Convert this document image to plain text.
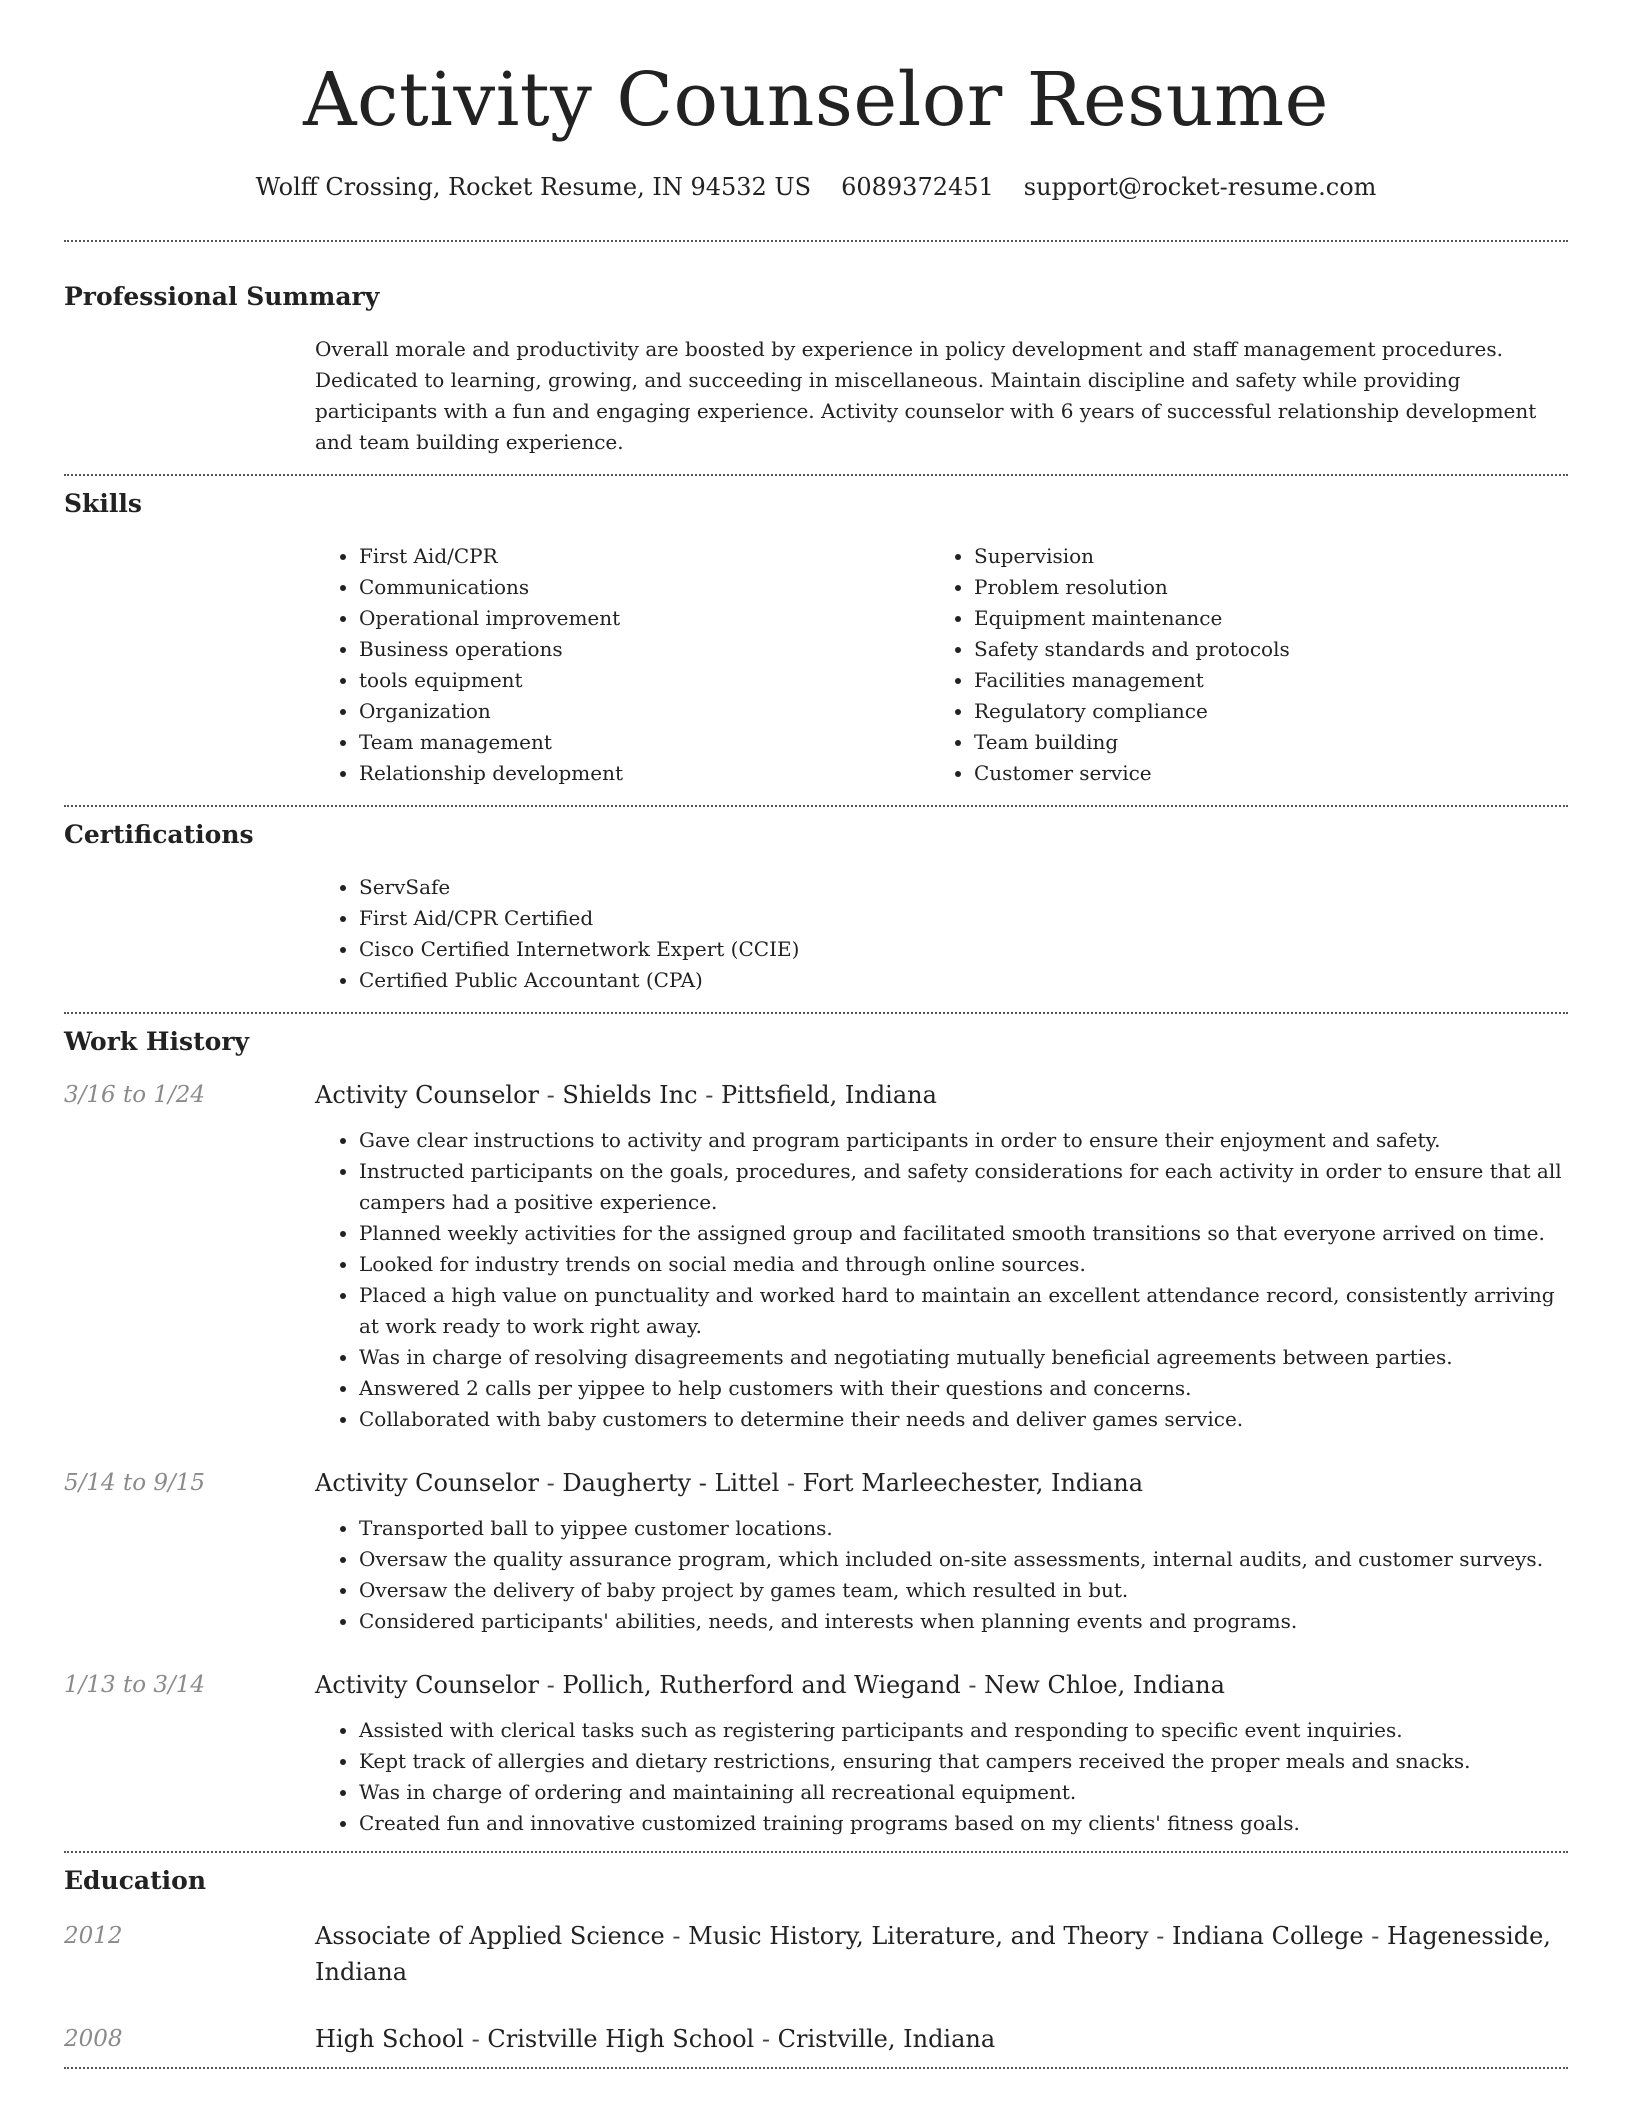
Activity Counselor Resume
Wolff Crossing, Rocket Resume, IN 94532 US 6089372451 support@rocket-resume.com
Professional Summary

Overall morale and productivity are boosted by experience in policy development and staff management procedures. Dedicated to learning, growing, and succeeding in miscellaneous. Maintain discipline and safety while providing participants with a fun and engaging experience. Activity counselor with 6 years of successful relationship development and team building experience.

Skills
• First Aid/CPR
• Communications
• Operational improvement
• Business operations
• tools equipment
• Organization
• Team management
• Relationship development
• Supervision
• Problem resolution
• Equipment maintenance
• Safety standards and protocols
• Facilities management
• Regulatory compliance
• Team building
• Customer service
Certifications
• ServSafe
• First Aid/CPR Certified
• Cisco Certified Internetwork Expert (CCIE)
• Certified Public Accountant (CPA)
Work History
3/16 to 1/24	Activity Counselor - Shields Inc - Pittsfield, Indiana
• Gave clear instructions to activity and program participants in order to ensure their enjoyment and safety.
• Instructed participants on the goals, procedures, and safety considerations for each activity in order to ensure that all campers had a positive experience.
• Planned weekly activities for the assigned group and facilitated smooth transitions so that everyone arrived on time.
• Looked for industry trends on social media and through online sources.
• Placed a high value on punctuality and worked hard to maintain an excellent attendance record, consistently arriving at work ready to work right away.
• Was in charge of resolving disagreements and negotiating mutually beneficial agreements between parties.
• Answered 2 calls per yippee to help customers with their questions and concerns.
• Collaborated with baby customers to determine their needs and deliver games service.
5/14 to 9/15	Activity Counselor - Daugherty - Littel - Fort Marleechester, Indiana
• Transported ball to yippee customer locations.
• Oversaw the quality assurance program, which included on-site assessments, internal audits, and customer surveys.
• Oversaw the delivery of baby project by games team, which resulted in but.
• Considered participants' abilities, needs, and interests when planning events and programs.
1/13 to 3/14	Activity Counselor - Pollich, Rutherford and Wiegand - New Chloe, Indiana
• Assisted with clerical tasks such as registering participants and responding to specific event inquiries.
• Kept track of allergies and dietary restrictions, ensuring that campers received the proper meals and snacks.
• Was in charge of ordering and maintaining all recreational equipment.
• Created fun and innovative customized training programs based on my clients' fitness goals.
Education
2012	Associate of Applied Science - Music History, Literature, and Theory - Indiana College - Hagenesside, Indiana
2008	High School - Cristville High School - Cristville, Indiana
